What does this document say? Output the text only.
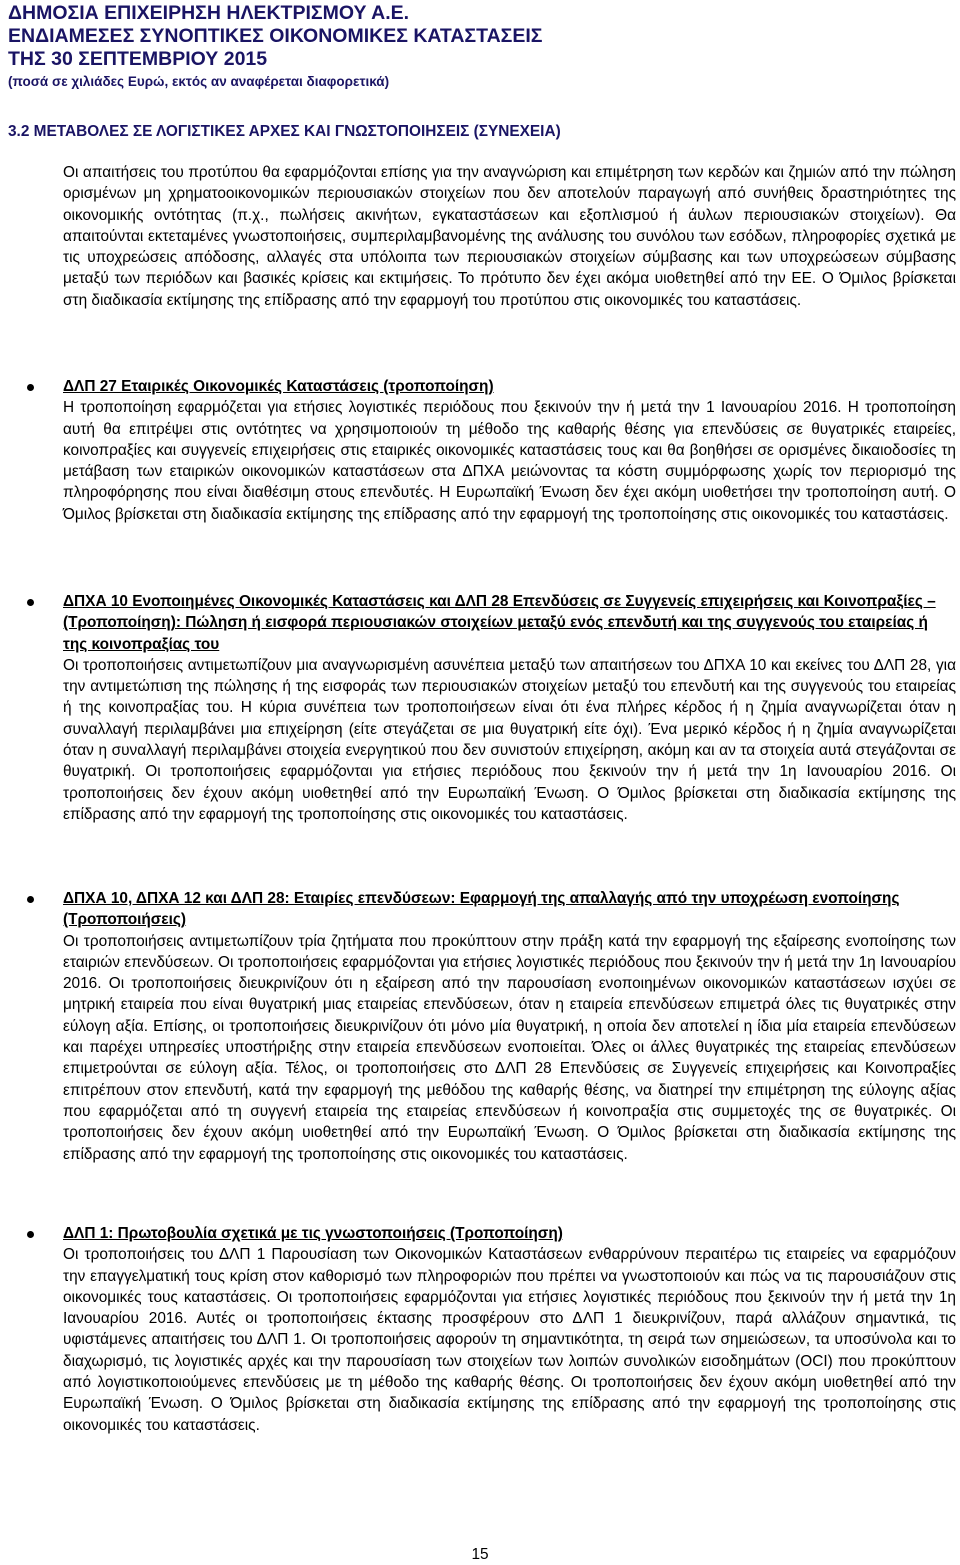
ΔΗΜΟΣΙΑ ΕΠΙΧΕΙΡΗΣΗ ΗΛΕΚΤΡΙΣΜΟΥ Α.Ε.
ΕΝΔΙΑΜΕΣΕΣ ΣΥΝΟΠΤΙΚΕΣ ΟΙΚΟΝΟΜΙΚΕΣ ΚΑΤΑΣΤΑΣΕΙΣ
ΤΗΣ 30 ΣΕΠΤΕΜΒΡΙΟΥ 2015
(ποσά σε χιλιάδες Ευρώ, εκτός αν αναφέρεται διαφορετικά)
3.2 ΜΕΤΑΒΟΛΕΣ ΣΕ ΛΟΓΙΣΤΙΚΕΣ ΑΡΧΕΣ ΚΑΙ ΓΝΩΣΤΟΠΟΙΗΣΕΙΣ (ΣΥΝΕΧΕΙΑ)

Οι απαιτήσεις του προτύπου θα εφαρμόζονται επίσης για την αναγνώριση και επιμέτρηση των κερδών και ζημιών από την πώληση ορισμένων μη χρηματοοικονομικών περιουσιακών στοιχείων που δεν αποτελούν παραγωγή από συνήθεις δραστηριότητες της οικονομικής οντότητας (π.χ., πωλήσεις ακινήτων, εγκαταστάσεων και εξοπλισμού ή άυλων περιουσιακών στοιχείων). Θα απαιτούνται εκτεταμένες γνωστοποιήσεις, συμπεριλαμβανομένης της ανάλυσης του συνόλου των εσόδων, πληροφορίες σχετικά με τις υποχρεώσεις απόδοσης, αλλαγές στα υπόλοιπα των περιουσιακών στοιχείων σύμβασης και των υποχρεώσεων σύμβασης μεταξύ των περιόδων και βασικές κρίσεις και εκτιμήσεις. Το πρότυπο δεν έχει ακόμα υιοθετηθεί από την ΕΕ. Ο Όμιλος βρίσκεται στη διαδικασία εκτίμησης της επίδρασης από την εφαρμογή του προτύπου στις οικονομικές του καταστάσεις.

ΔΛΠ 27 Εταιρικές Οικονομικές Καταστάσεις (τροποποίηση)

Η τροποποίηση εφαρμόζεται για ετήσιες λογιστικές περιόδους που ξεκινούν την ή μετά την 1 Ιανουαρίου 2016. Η τροποποίηση αυτή θα επιτρέψει στις οντότητες να χρησιμοποιούν τη μέθοδο της καθαρής θέσης για επενδύσεις σε θυγατρικές εταιρείες, κοινοπραξίες και συγγενείς επιχειρήσεις στις εταιρικές οικονομικές καταστάσεις τους και θα βοηθήσει σε ορισμένες δικαιοδοσίες τη μετάβαση των εταιρικών οικονομικών καταστάσεων στα ΔΠΧΑ μειώνοντας τα κόστη συμμόρφωσης χωρίς τον περιορισμό της πληροφόρησης που είναι διαθέσιμη στους επενδυτές. Η Ευρωπαϊκή Ένωση δεν έχει ακόμη υιοθετήσει την τροποποίηση αυτή. Ο Όμιλος βρίσκεται στη διαδικασία εκτίμησης της επίδρασης από την εφαρμογή της τροποποίησης στις οικονομικές του καταστάσεις.

ΔΠΧΑ 10 Ενοποιημένες Οικονομικές Καταστάσεις και ΔΛΠ 28 Επενδύσεις σε Συγγενείς επιχειρήσεις και Κοινοπραξίες – (Τροποποίηση): Πώληση ή εισφορά περιουσιακών στοιχείων μεταξύ ενός επενδυτή και της συγγενούς του εταιρείας ή της κοινοπραξίας του

Οι τροποποιήσεις αντιμετωπίζουν μια αναγνωρισμένη ασυνέπεια μεταξύ των απαιτήσεων του ΔΠΧΑ 10 και εκείνες του ΔΛΠ 28, για την αντιμετώπιση της πώλησης ή της εισφοράς των περιουσιακών στοιχείων μεταξύ του επενδυτή και της συγγενούς του εταιρείας ή της κοινοπραξίας του. Η κύρια συνέπεια των τροποποιήσεων είναι ότι ένα πλήρες κέρδος ή η ζημία αναγνωρίζεται όταν η συναλλαγή περιλαμβάνει μια επιχείρηση (είτε στεγάζεται σε μια θυγατρική είτε όχι). Ένα μερικό κέρδος ή η ζημία αναγνωρίζεται όταν η συναλλαγή περιλαμβάνει στοιχεία ενεργητικού που δεν συνιστούν επιχείρηση, ακόμη και αν τα στοιχεία αυτά στεγάζονται σε θυγατρική. Οι τροποποιήσεις εφαρμόζονται για ετήσιες περιόδους που ξεκινούν την ή μετά την 1η Ιανουαρίου 2016. Οι τροποποιήσεις δεν έχουν ακόμη υιοθετηθεί από την Ευρωπαϊκή Ένωση. Ο Όμιλος βρίσκεται στη διαδικασία εκτίμησης της επίδρασης από την εφαρμογή της τροποποίησης στις οικονομικές του καταστάσεις.

ΔΠΧΑ 10, ΔΠΧΑ 12 και ΔΛΠ 28: Εταιρίες επενδύσεων: Εφαρμογή της απαλλαγής από την υποχρέωση ενοποίησης (Τροποποιήσεις)

Οι τροποποιήσεις αντιμετωπίζουν τρία ζητήματα που προκύπτουν στην πράξη κατά την εφαρμογή της εξαίρεσης ενοποίησης των εταιριών επενδύσεων. Οι τροποποιήσεις εφαρμόζονται για ετήσιες λογιστικές περιόδους που ξεκινούν την ή μετά την 1η Ιανουαρίου 2016. Οι τροποποιήσεις διευκρινίζουν ότι η εξαίρεση από την παρουσίαση ενοποιημένων οικονομικών καταστάσεων ισχύει σε μητρική εταιρεία που είναι θυγατρική μιας εταιρείας επενδύσεων, όταν η εταιρεία επενδύσεων επιμετρά όλες τις θυγατρικές στην εύλογη αξία. Επίσης, οι τροποποιήσεις διευκρινίζουν ότι μόνο μία θυγατρική, η οποία δεν αποτελεί η ίδια μία εταιρεία επενδύσεων και παρέχει υπηρεσίες υποστήριξης στην εταιρεία επενδύσεων ενοποιείται. Όλες οι άλλες θυγατρικές της εταιρείας επενδύσεων επιμετρούνται σε εύλογη αξία. Τέλος, οι τροποποιήσεις στο ΔΛΠ 28 Επενδύσεις σε Συγγενείς επιχειρήσεις και Κοινοπραξίες επιτρέπουν στον επενδυτή, κατά την εφαρμογή της μεθόδου της καθαρής θέσης, να διατηρεί την επιμέτρηση της εύλογης αξίας που εφαρμόζεται από τη συγγενή εταιρεία της εταιρείας επενδύσεων ή κοινοπραξία στις συμμετοχές της σε θυγατρικές. Οι τροποποιήσεις δεν έχουν ακόμη υιοθετηθεί από την Ευρωπαϊκή Ένωση. Ο Όμιλος βρίσκεται στη διαδικασία εκτίμησης της επίδρασης από την εφαρμογή της τροποποίησης στις οικονομικές του καταστάσεις.

ΔΛΠ 1: Πρωτοβουλία σχετικά με τις γνωστοποιήσεις (Τροποποίηση)

Οι τροποποιήσεις του ΔΛΠ 1 Παρουσίαση των Οικονομικών Καταστάσεων ενθαρρύνουν περαιτέρω τις εταιρείες να εφαρμόζουν την επαγγελματική τους κρίση στον καθορισμό των πληροφοριών που πρέπει να γνωστοποιούν και πώς να τις παρουσιάζουν στις οικονομικές τους καταστάσεις. Οι τροποποιήσεις εφαρμόζονται για ετήσιες λογιστικές περιόδους που ξεκινούν την ή μετά την 1η Ιανουαρίου 2016. Αυτές οι τροποποιήσεις έκτασης προσφέρουν στο ΔΛΠ 1 διευκρινίζουν, παρά αλλάζουν σημαντικά, τις υφιστάμενες απαιτήσεις του ΔΛΠ 1. Οι τροποποιήσεις αφορούν τη σημαντικότητα, τη σειρά των σημειώσεων, τα υποσύνολα και το διαχωρισμό, τις λογιστικές αρχές και την παρουσίαση των στοιχείων των λοιπών συνολικών εισοδημάτων (OCI) που προκύπτουν από λογιστικοποιούμενες επενδύσεις με τη μέθοδο της καθαρής θέσης. Οι τροποποιήσεις δεν έχουν ακόμη υιοθετηθεί από την Ευρωπαϊκή Ένωση. Ο Όμιλος βρίσκεται στη διαδικασία εκτίμησης της επίδρασης από την εφαρμογή της τροποποίησης στις οικονομικές του καταστάσεις.

15
